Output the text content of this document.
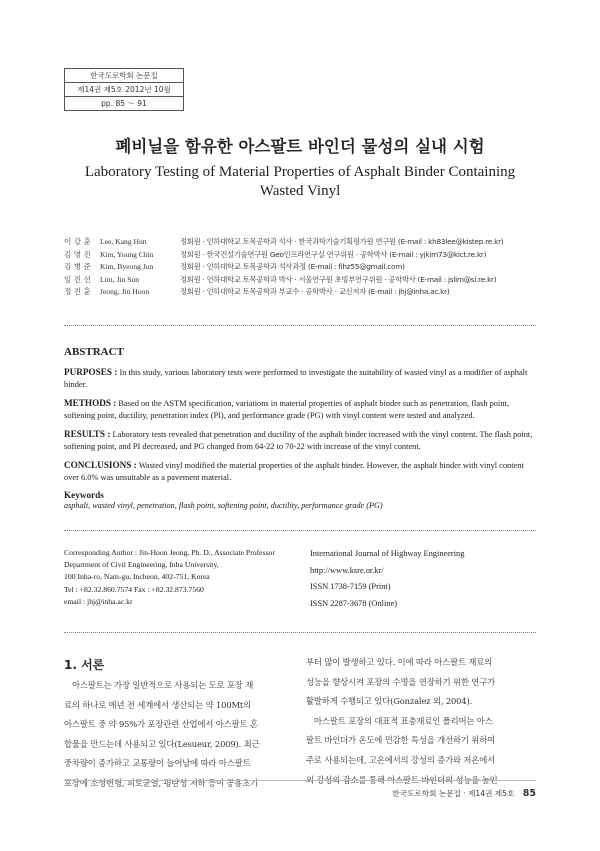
한국도로학회 논문집
제14권 제5호 2012년 10월
pp. 85 ～ 91
폐비닐을 함유한 아스팔트 바인더 물성의 실내 시험
Laboratory Testing of Material Properties of Asphalt Binder Containing Wasted Vinyl
이 강 훈	Lee, Kang Hun	정회원 · 인하대학교 토목공학과 석사 · 한국과학기술기획평가원 연구원 (E-mail : kh83lee@kistep.re.kr)
김 영 진	Kim, Young Chin	정회원 · 한국건설기술연구원 Geo인프라연구실 연구위원 · 공학박사 (E-mail : yjkim73@kict.re.kr)
김 병 준	Kim, Byeong Jun	정회원 · 인하대학교 토목공학과 석사과정 (E-mail : fihz55@gmail.com)
임 진 선	Lim, Jin Sun	정회원 · 인하대학교 토목공학과 박사 · 서울연구원 초빙부연구위원 · 공학박사 (E-mail : jslim@si.re.kr)
정 진 훈	Jeong, Jin Hoon	정회원 · 인하대학교 토목공학과 부교수 · 공학박사 · 교신저자 (E-mail : jhj@inha.ac.kr)
ABSTRACT

PURPOSES : In this study, various laboratory tests were performed to investigate the suitability of wasted vinyl as a modifier of asphalt binder.

METHODS : Based on the ASTM specification, variations in material properties of asphalt binder such as penetration, flash point, softening point, ductility, penetration index (PI), and performance grade (PG) with vinyl content were tested and analyzed.

RESULTS : Laboratory tests revealed that penetration and ductility of the asphalt binder increased with the vinyl content. The flash point, softening point, and PI decreased, and PG changed from 64-22 to 70-22 with increase of the vinyl content.

CONCLUSIONS : Wasted vinyl modified the material properties of the asphalt binder. However, the asphalt binder with vinyl content over 6.0% was unsuitable as a pavement material.

Keywords
asphalt, wasted vinyl, penetration, flash point, softening point, ductility, performance grade (PG)
Corresponding Author : Jin-Hoon Jeong, Ph. D., Associate Professor
Department of Civil Engineering, Inha University,
100 Inha-ro, Nam-gu, Incheon, 402-751, Korea
Tel : +82.32.860.7574 Fax : +82.32.873.7560
email : jhj@inha.ac.kr
International Journal of Highway Engineering
http://www.ksre.or.kr/
ISSN 1738-7159 (Print)
ISSN 2287-3678 (Online)
1. 서론
아스팔트는 가장 일반적으로 사용되는 도로 포장 재
료의 하나로 매년 전 세계에서 생산되는 약 100Mt의
아스팔트 중 약 95%가 포장관련 산업에서 아스팔트 혼
합물을 만드는데 사용되고 있다(Lesueur, 2009). 최근
중차량이 증가하고 교통량이 늘어남에 따라 아스팔트
포장에 소성변형, 피로균열, 평탄성 저하 등이 공용초기
부터 많이 발생하고 있다. 이에 따라 아스팔트 재료의
성능을 향상시켜 포장의 수명을 연장하기 위한 연구가
활발하게 수행되고 있다(Gonzalez 외, 2004).
아스팔트 포장의 대표적 표층재료인 폴리머는 아스
팔트 바인더가 온도에 민감한 특성을 개선하기 위하여
주로 사용되는데, 고온에서의 강성의 증가와 저온에서
의 강성의 감소를 통해 아스팔트 바인더의 성능을 높인
한국도로학회 논문집 · 제14권 제5호 85
